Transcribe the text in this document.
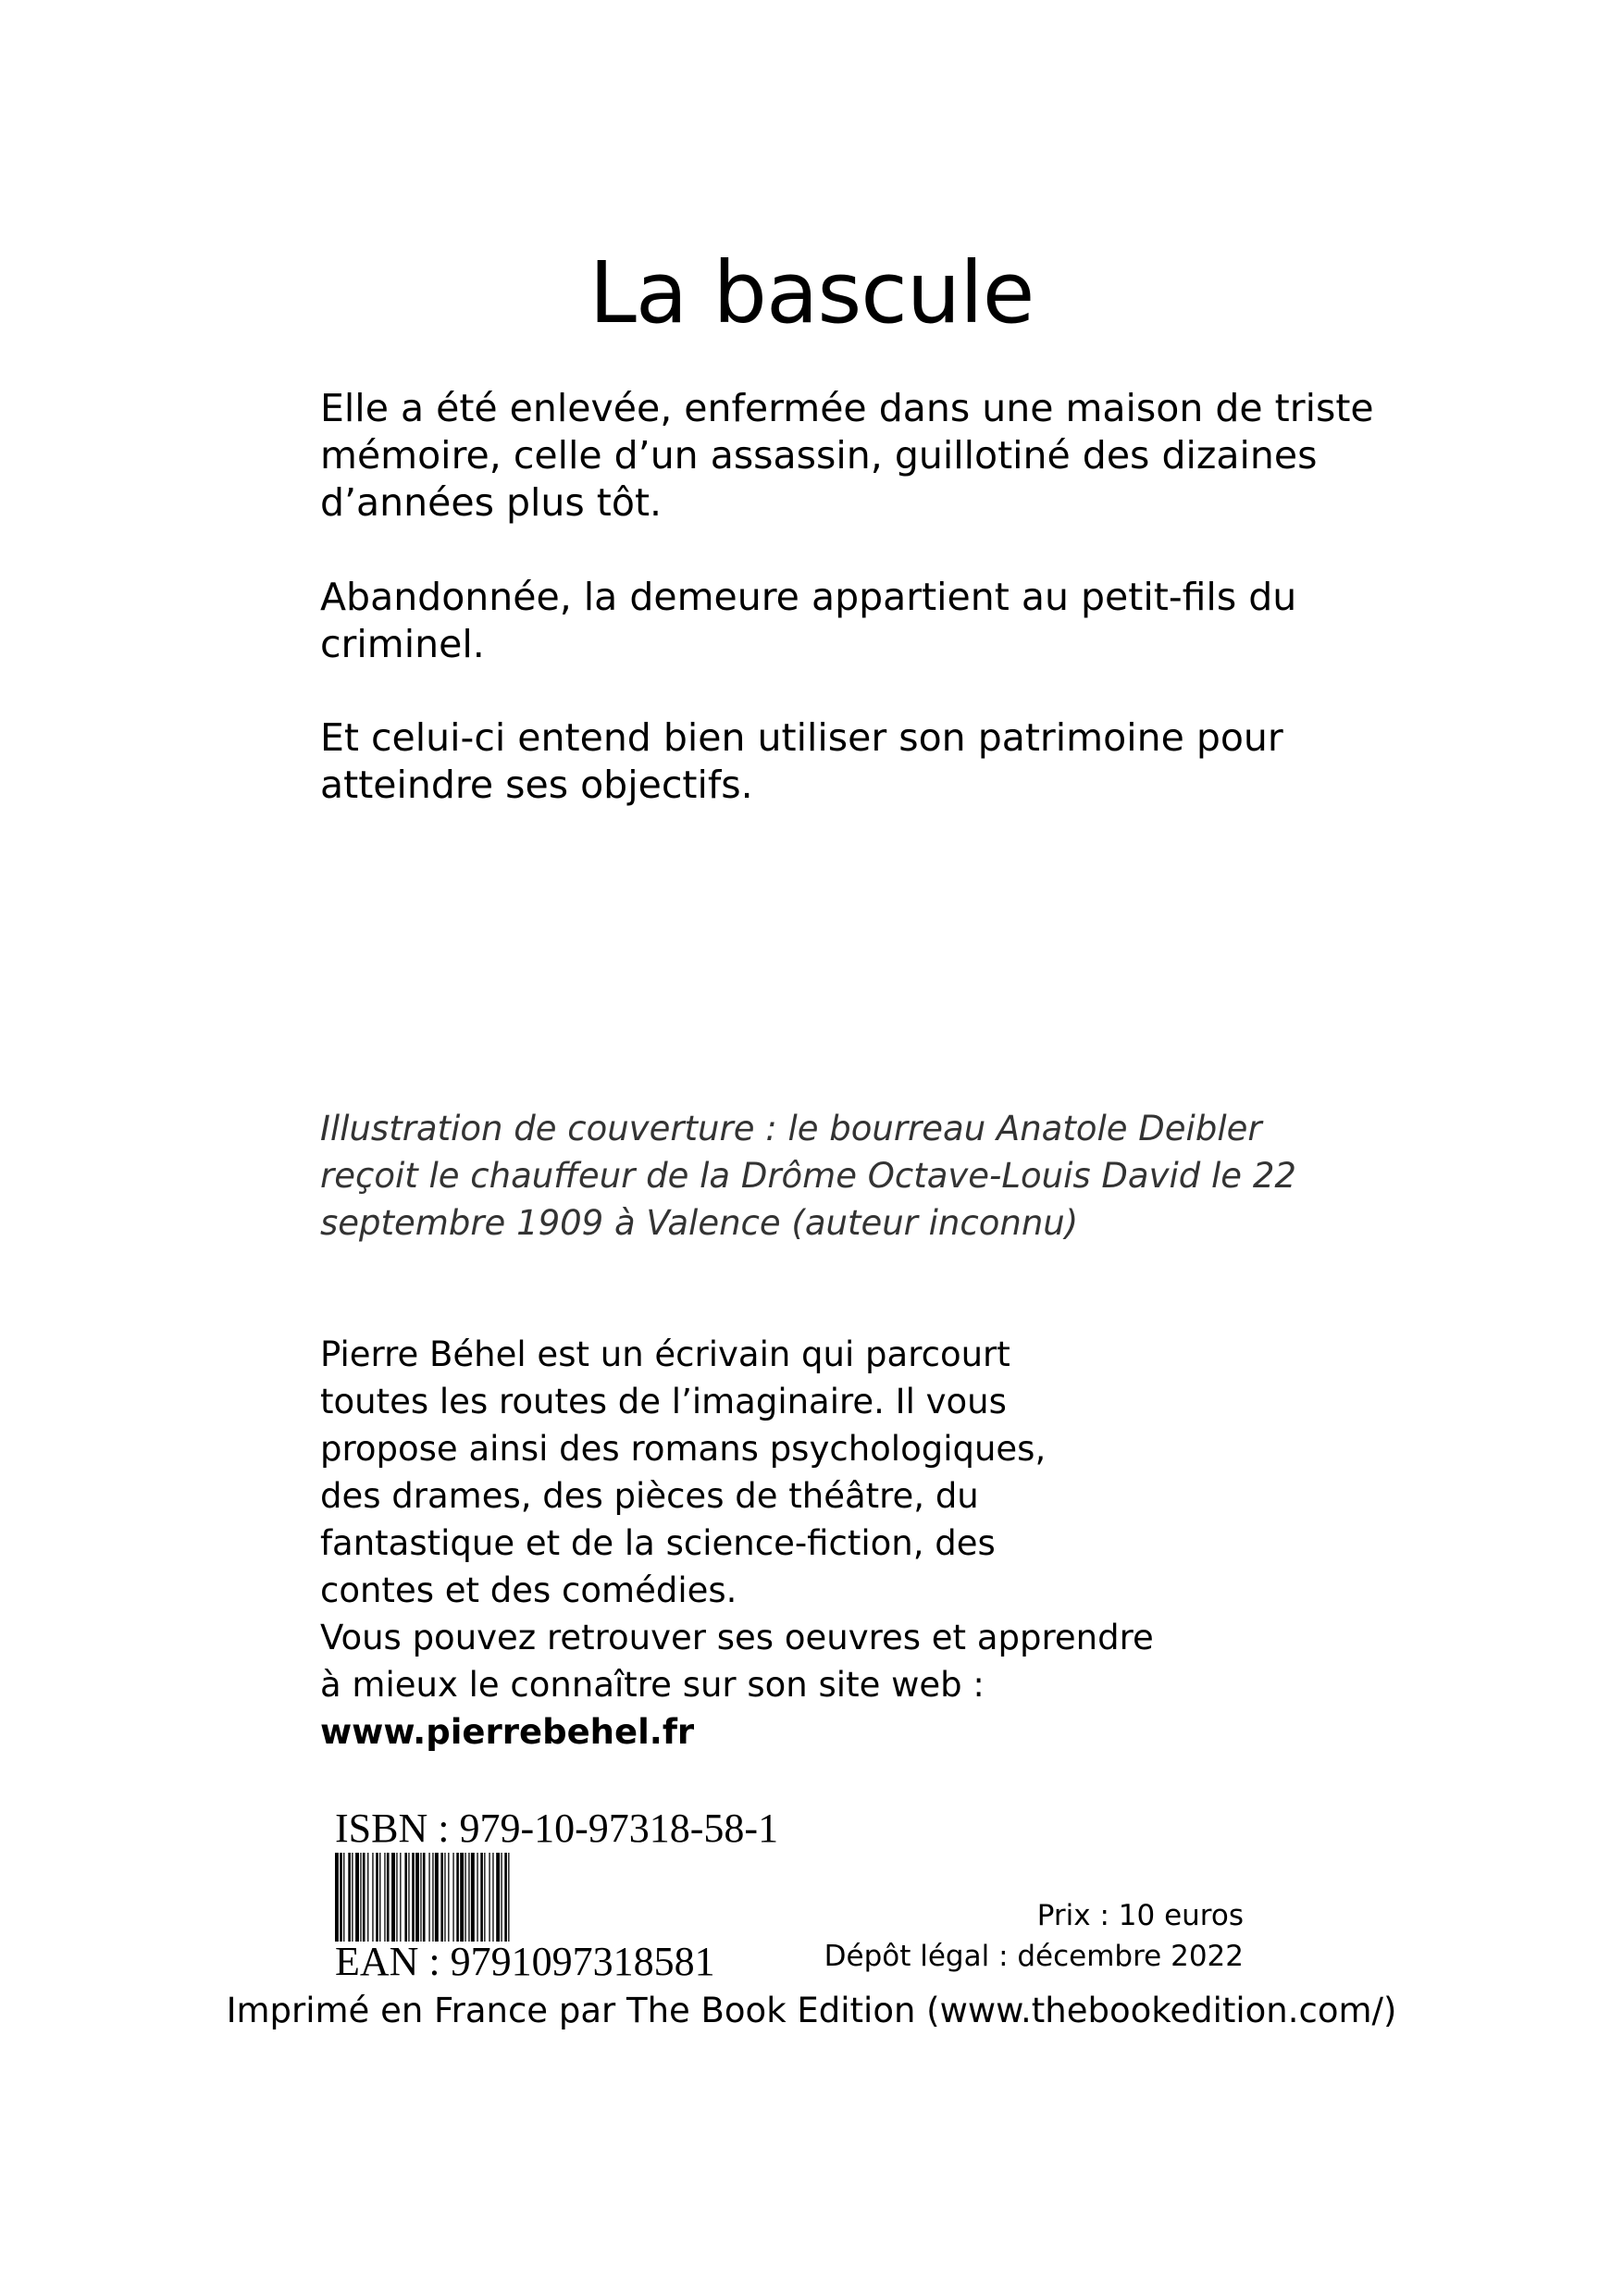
La bascule

Elle a été enlevée, enfermée dans une maison de triste mémoire, celle d’un assassin, guillotiné des dizaines d’années plus tôt.

Abandonnée, la demeure appartient au petit-fils du criminel.

Et celui-ci entend bien utiliser son patrimoine pour atteindre ses objectifs.

Illustration de couverture : le bourreau Anatole Deibler reçoit le chauffeur de la Drôme Octave-Louis David le 22 septembre 1909 à Valence (auteur inconnu)
Pierre Béhel est un écrivain qui parcourt
toutes les routes de l’imaginaire. Il vous
propose ainsi des romans psychologiques,
des drames, des pièces de théâtre, du
fantastique et de la science-fiction, des
contes et des comédies.
Vous pouvez retrouver ses oeuvres et apprendre
à mieux le connaître sur son site web :
www.pierrebehel.fr
ISBN : 979-10-97318-58-1
EAN : 9791097318581
Prix : 10 euros
Dépôt légal : décembre 2022
Imprimé en France par The Book Edition (www.thebookedition.com/)
